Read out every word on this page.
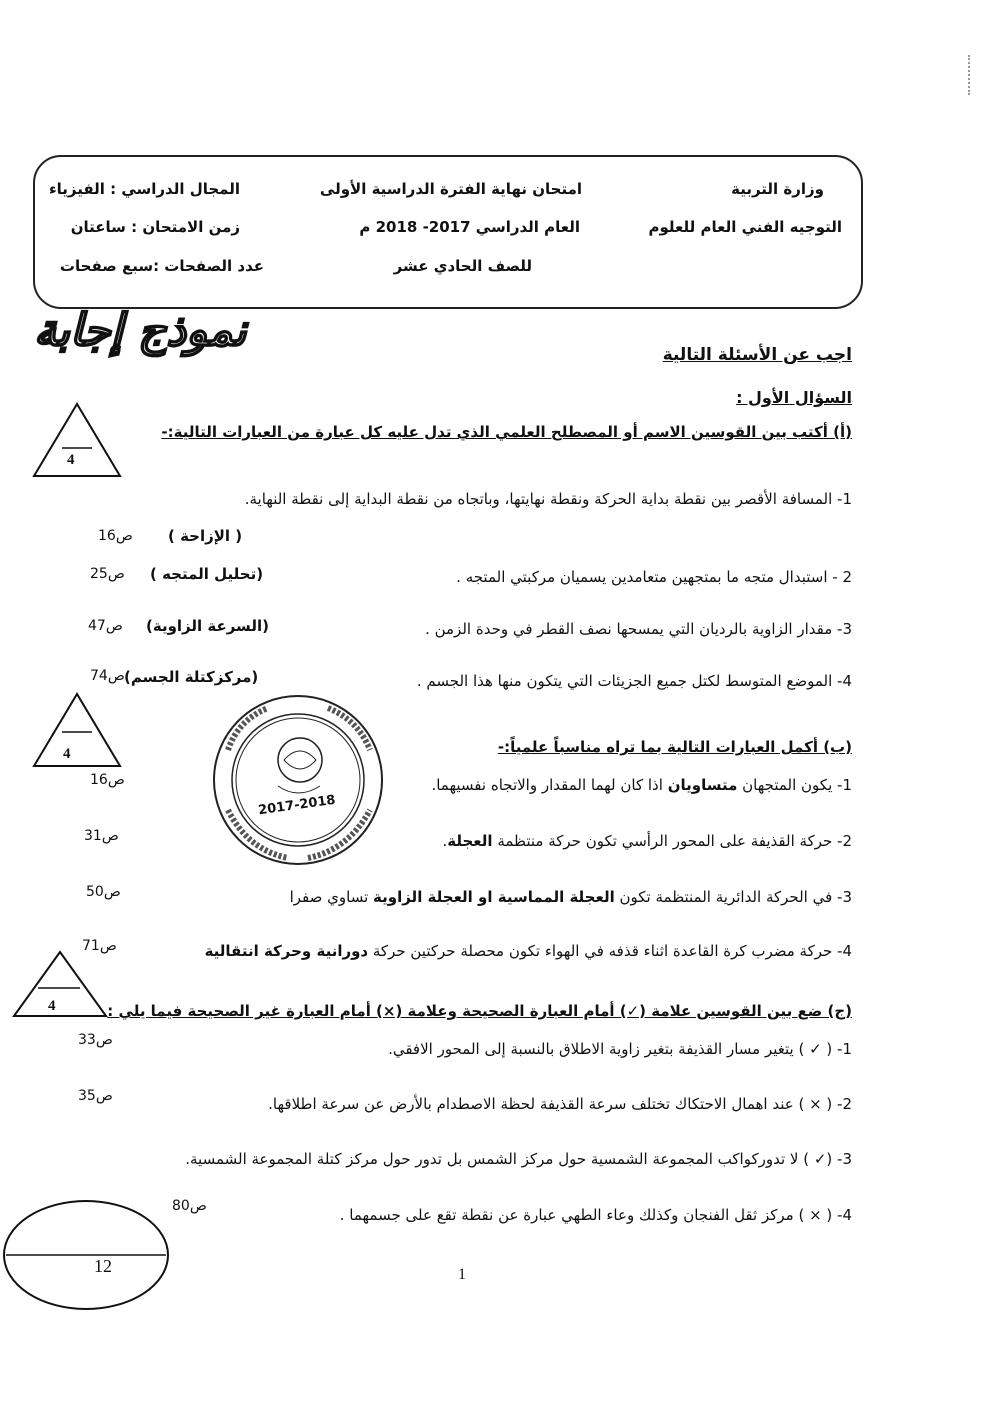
وزارة التربية
التوجيه الفني العام للعلوم
امتحان نهاية الفترة الدراسية الأولى
العام الدراسي 2017- 2018 م
للصف الحادي عشر
المجال الدراسي : الفيزياء
زمن الامتحان : ساعتان
عدد الصفحات :سبع صفحات
نموذج إجابة	اجب عن الأسئلة التالية
السؤال الأول :
4
(أ) أكتب بين القوسين الاسم أو المصطلح العلمي الذي تدل عليه كل عبارة من العبارات التالية:-
1- المسافة الأقصر بين نقطة بداية الحركة ونقطة نهايتها، وباتجاه من نقطة البداية إلى نقطة النهاية.
( الإزاحة )
ص16
2 - استبدال متجه ما بمتجهين متعامدين يسميان مركبتي المتجه .
(تحليل المتجه )
ص25
3- مقدار الزاوية بالرديان التي يمسحها نصف القطر في وحدة الزمن .
(السرعة الزاوية)
ص47
4- الموضع المتوسط لكتل جميع الجزيئات التي يتكون منها هذا الجسم .
(مركزكتلة الجسم)
ص74
4
2017-2018
(ب) أكمل العبارات التالية بما تراه مناسباً علمياً:-
1- يكون المتجهان متساويان اذا كان لهما المقدار والاتجاه نفسيهما.
ص16
2- حركة القذيفة على المحور الرأسي تكون حركة منتظمة العجلة.
ص31
3- في الحركة الدائرية المنتظمة تكون العجلة المماسية او العجلة الزاوية تساوي صفرا
ص50
4- حركة مضرب كرة القاعدة اثناء قذفه في الهواء تكون محصلة حركتين حركة دورانية وحركة انتقالية
ص71
4	(ج) ضع بين القوسين علامة (✓) أمام العبارة الصحيحة وعلامة (×) أمام العبارة غير الصحيحة فيما يلي :
1- ( ✓ ) يتغير مسار القذيفة بتغير زاوية الاطلاق بالنسبة إلى المحور الافقي.
ص33
2- ( × ) عند اهمال الاحتكاك تختلف سرعة القذيفة لحظة الاصطدام بالأرض عن سرعة اطلاقها.
ص35
3- (✓ ) لا تدوركواكب المجموعة الشمسية حول مركز الشمس بل تدور حول مركز كتلة المجموعة الشمسية.
4- ( × ) مركز ثقل الفنجان وكذلك وعاء الطهي عبارة عن نقطة تقع على جسمهما .
ص80
12	1
